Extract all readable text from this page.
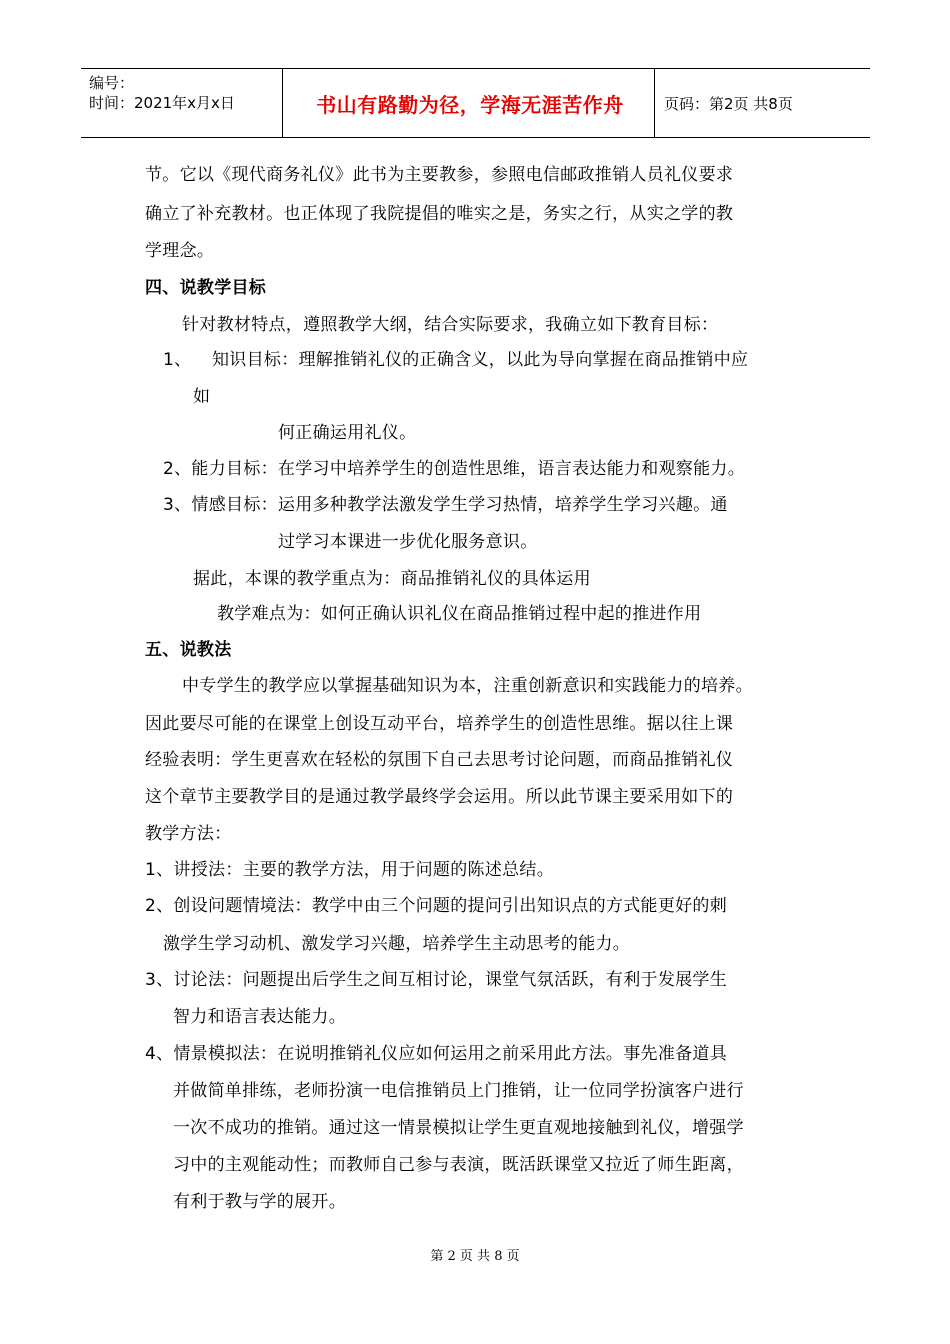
编号：
时间：2021年x月x日	书山有路勤为径，学海无涯苦作舟	页码：第2页 共8页
节。它以《现代商务礼仪》此书为主要教参，参照电信邮政推销人员礼仪要求
确立了补充教材。也正体现了我院提倡的唯实之是，务实之行，从实之学的教
学理念。
四、说教学目标
针对教材特点，遵照教学大纲，结合实际要求，我确立如下教育目标：
1、 知识目标：理解推销礼仪的正确含义，以此为导向掌握在商品推销中应
如
何正确运用礼仪。
2、能力目标：在学习中培养学生的创造性思维，语言表达能力和观察能力。
3、情感目标：运用多种教学法激发学生学习热情，培养学生学习兴趣。通
过学习本课进一步优化服务意识。
据此，本课的教学重点为：商品推销礼仪的具体运用
教学难点为：如何正确认识礼仪在商品推销过程中起的推进作用
五、说教法
中专学生的教学应以掌握基础知识为本，注重创新意识和实践能力的培养。
因此要尽可能的在课堂上创设互动平台，培养学生的创造性思维。据以往上课
经验表明：学生更喜欢在轻松的氛围下自己去思考讨论问题，而商品推销礼仪
这个章节主要教学目的是通过教学最终学会运用。所以此节课主要采用如下的
教学方法：
1、讲授法：主要的教学方法，用于问题的陈述总结。
2、创设问题情境法：教学中由三个问题的提问引出知识点的方式能更好的刺
激学生学习动机、激发学习兴趣，培养学生主动思考的能力。
3、讨论法：问题提出后学生之间互相讨论，课堂气氛活跃，有利于发展学生
智力和语言表达能力。
4、情景模拟法：在说明推销礼仪应如何运用之前采用此方法。事先准备道具
并做简单排练，老师扮演一电信推销员上门推销，让一位同学扮演客户进行
一次不成功的推销。通过这一情景模拟让学生更直观地接触到礼仪，增强学
习中的主观能动性；而教师自己参与表演，既活跃课堂又拉近了师生距离，
有利于教与学的展开。
第 2 页 共 8 页
